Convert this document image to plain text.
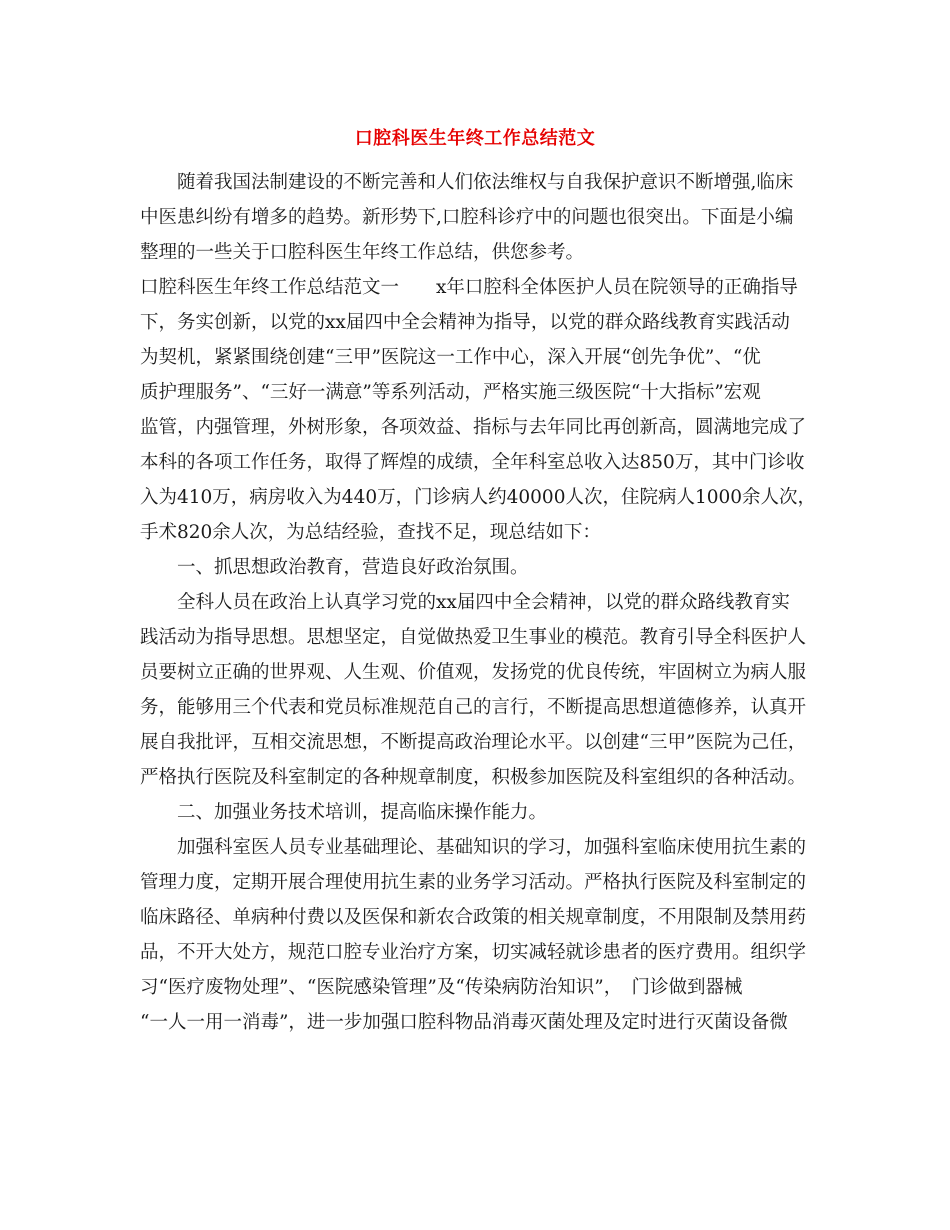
口腔科医生年终工作总结范文
　　随着我国法制建设的不断完善和人们依法维权与自我保护意识不断增强,临床
中医患纠纷有增多的趋势。新形势下,口腔科诊疗中的问题也很突出。下面是小编
整理的一些关于口腔科医生年终工作总结，供您参考。
口腔科医生年终工作总结范文一　　x年口腔科全体医护人员在院领导的正确指导
下，务实创新，以党的xx届四中全会精神为指导，以党的群众路线教育实践活动
为契机，紧紧围绕创建“三甲”医院这一工作中心，深入开展“创先争优”、“优
质护理服务”、“三好一满意”等系列活动，严格实施三级医院“十大指标”宏观
监管，内强管理，外树形象，各项效益、指标与去年同比再创新高，圆满地完成了
本科的各项工作任务，取得了辉煌的成绩，全年科室总收入达850万，其中门诊收
入为410万，病房收入为440万，门诊病人约40000人次，住院病人1000余人次，
手术820余人次，为总结经验，查找不足，现总结如下：
　　一、抓思想政治教育，营造良好政治氛围。
　　全科人员在政治上认真学习党的xx届四中全会精神，以党的群众路线教育实
践活动为指导思想。思想坚定，自觉做热爱卫生事业的模范。教育引导全科医护人
员要树立正确的世界观、人生观、价值观，发扬党的优良传统，牢固树立为病人服
务，能够用三个代表和党员标准规范自己的言行，不断提高思想道德修养，认真开
展自我批评，互相交流思想，不断提高政治理论水平。以创建“三甲”医院为己任，
严格执行医院及科室制定的各种规章制度，积极参加医院及科室组织的各种活动。
　　二、加强业务技术培训，提高临床操作能力。
　　加强科室医人员专业基础理论、基础知识的学习，加强科室临床使用抗生素的
管理力度，定期开展合理使用抗生素的业务学习活动。严格执行医院及科室制定的
临床路径、单病种付费以及医保和新农合政策的相关规章制度，不用限制及禁用药
品，不开大处方，规范口腔专业治疗方案，切实减轻就诊患者的医疗费用。组织学
习“医疗废物处理”、“医院感染管理”及“传染病防治知识”，　门诊做到器械
“一人一用一消毒”，进一步加强口腔科物品消毒灭菌处理及定时进行灭菌设备微
